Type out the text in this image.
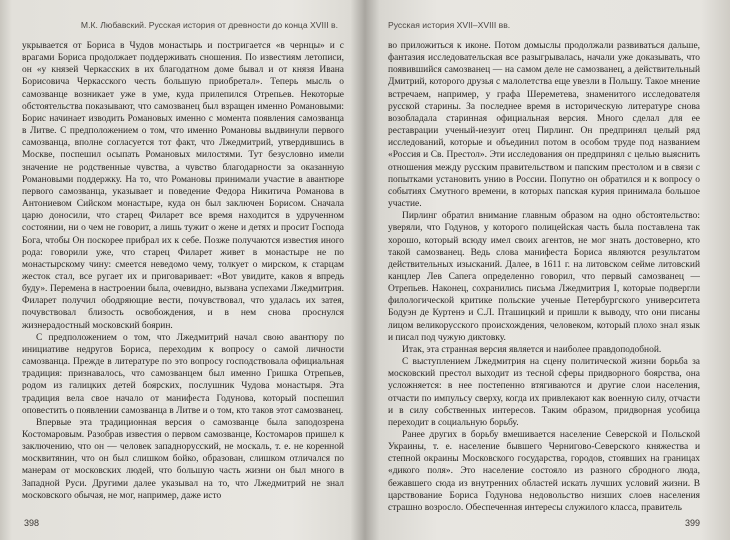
М.К. Любавский. Русская история от древности до конца XVIII в.

укрывается от Бориса в Чудов монастырь и постригается «в чернцы» и с врагами Бориса продолжает поддерживать сношения. По известиям летописи, он «у князей Черкасских в их благодатном доме бывал и от князя Ивана Борисовича Черкасского честь большую приобретал». Теперь мысль о самозванце возникает уже в уме, куда прилепился Отрепьев. Некоторые обстоятельства показывают, что самозванец был взращен именно Романовыми: Борис начинает изводить Романовых именно с момента появления самозванца в Литве. С предположением о том, что именно Романовы выдвинули первого самозванца, вполне согласуется тот факт, что Лжедмитрий, утвердившись в Москве, поспешил осыпать Романовых милостями. Тут безусловно имели значение не родственные чувства, а чувство благодарности за оказанную Романовыми поддержку. На то, что Романовы принимали участие в авантюре первого самозванца, указывает и поведение Федора Никитича Романова в Антониевом Сийском монастыре, куда он был заключен Борисом. Сначала царю доносили, что старец Филарет все время находится в удрученном состоянии, ни о чем не говорит, а лишь тужит о жене и детях и просит Господа Бога, чтобы Он поскорее прибрал их к себе. Позже получаются известия иного рода: говорили уже, что старец Филарет живет в монастыре не по монастырскому чину: смеется неведомо чему, толкует о мирском, к старцам жесток стал, все ругает их и приговаривает: «Вот увидите, каков я впредь буду». Перемена в настроении была, очевидно, вызвана успехами Лжедмитрия. Филарет получил ободряющие вести, почувствовал, что удалась их затея, почувствовал близость освобождения, и в нем снова проснулся жизнерадостный московский боярин.

С предположением о том, что Лжедмитрий начал свою авантюру по инициативе недругов Бориса, переходим к вопросу о самой личности самозванца. Прежде в литературе по это вопросу господствовала официальная традиция: признавалось, что самозванцем был именно Гришка Отрепьев, родом из галицких детей боярских, послушник Чудова монастыря. Эта традиция вела свое начало от манифеста Годунова, который поспешил оповестить о появлении самозванца в Литве и о том, кто таков этот самозванец.

Впервые эта традиционная версия о самозванце была заподозрена Костомаровым. Разобрав известия о первом самозванце, Костомаров пришел к заключению, что он — человек западнорусский, не москаль, т. е. не коренной москвитянин, что он был слишком бойко, образован, слишком отличался по манерам от московских людей, что большую часть жизни он был много в Западной Руси. Другими далее указывал на то, что Лжедмитрий не знал московского обычая, не мог, например, даже исто

398
Русская история XVII–XVIII вв.

во приложиться к иконе. Потом домыслы продолжали развиваться дальше, фантазия исследовательская все разыгрывалась, начали уже доказывать, что появившийся самозванец — на самом деле не самозванец, а действительный Дмитрий, которого друзья с малолетства еще увезли в Польшу. Такое мнение встречаем, например, у графа Шереметева, знаменитого исследователя русской старины. За последнее время в историческую литературе снова возобладала старинная официальная версия. Много сделал для ее реставрации ученый-иезуит отец Пирлинг. Он предпринял целый ряд исследований, которые и объединил потом в особом труде под названием «Россия и Св. Престол». Эти исследования он предпринял с целью выяснить отношения между русским правительством и папским престолом и в связи с попытками установить унию в России. Попутно он обратился и к вопросу о событиях Смутного времени, в которых папская курия принимала большое участие.

Пирлинг обратил внимание главным образом на одно обстоятельство: уверяли, что Годунов, у которого полицейская часть была поставлена так хорошо, который всюду имел своих агентов, не мог знать достоверно, кто такой самозванец. Ведь слова манифеста Бориса являются результатом действительных изысканий. Далее, в 1611 г. на литовском сейме литовский канцлер Лев Сапега определенно говорил, что первый самозванец — Отрепьев. Наконец, сохранились письма Лжедмитрия I, которые подвергли филологической критике польские ученые Петербургского университета Бодуэн де Куртенэ и С.Л. Пташицкий и пришли к выводу, что они писаны лицом великорусского происхождения, человеком, который плохо знал язык и писал под чужую диктовку.

Итак, эта странная версия является и наиболее правдоподобной.

С выступлением Лжедмитрия на сцену политической жизни борьба за московский престол выходит из тесной сферы придворного боярства, она усложняется: в нее постепенно втягиваются и другие слои населения, отчасти по импульсу сверху, когда их привлекают как военную силу, отчасти и в силу собственных интересов. Таким образом, придворная усобица переходит в социальную борьбу.

Ранее других в борьбу вмешивается население Северской и Польской Украины, т. е. население бывшего Чернигово-Северского княжества и степной окраины Московского государства, городов, стоявших на границах «дикого поля». Это население состояло из разного сбродного люда, бежавшего сюда из внутренних областей искать лучших условий жизни. В царствование Бориса Годунова недовольство низших слоев населения страшно возросло. Обеспеченная интересы служилого класса, правитель

399
